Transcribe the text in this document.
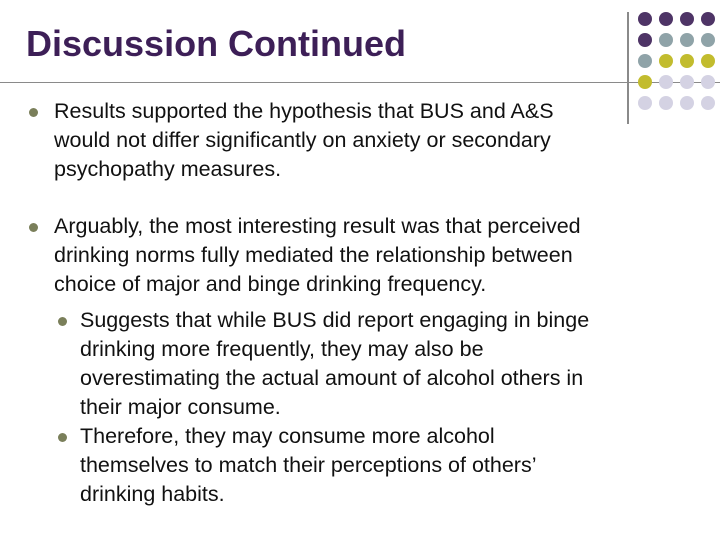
Discussion Continued

Results supported the hypothesis that BUS and A&S

would not differ significantly on anxiety or secondary

psychopathy measures.

Arguably, the most interesting result was that perceived

drinking norms fully mediated the relationship between

choice of major and binge drinking frequency.

Suggests that while BUS did report engaging in binge

drinking more frequently, they may also be

overestimating the actual amount of alcohol others in

their major consume.

Therefore, they may consume more alcohol

themselves to match their perceptions of others’

drinking habits.
